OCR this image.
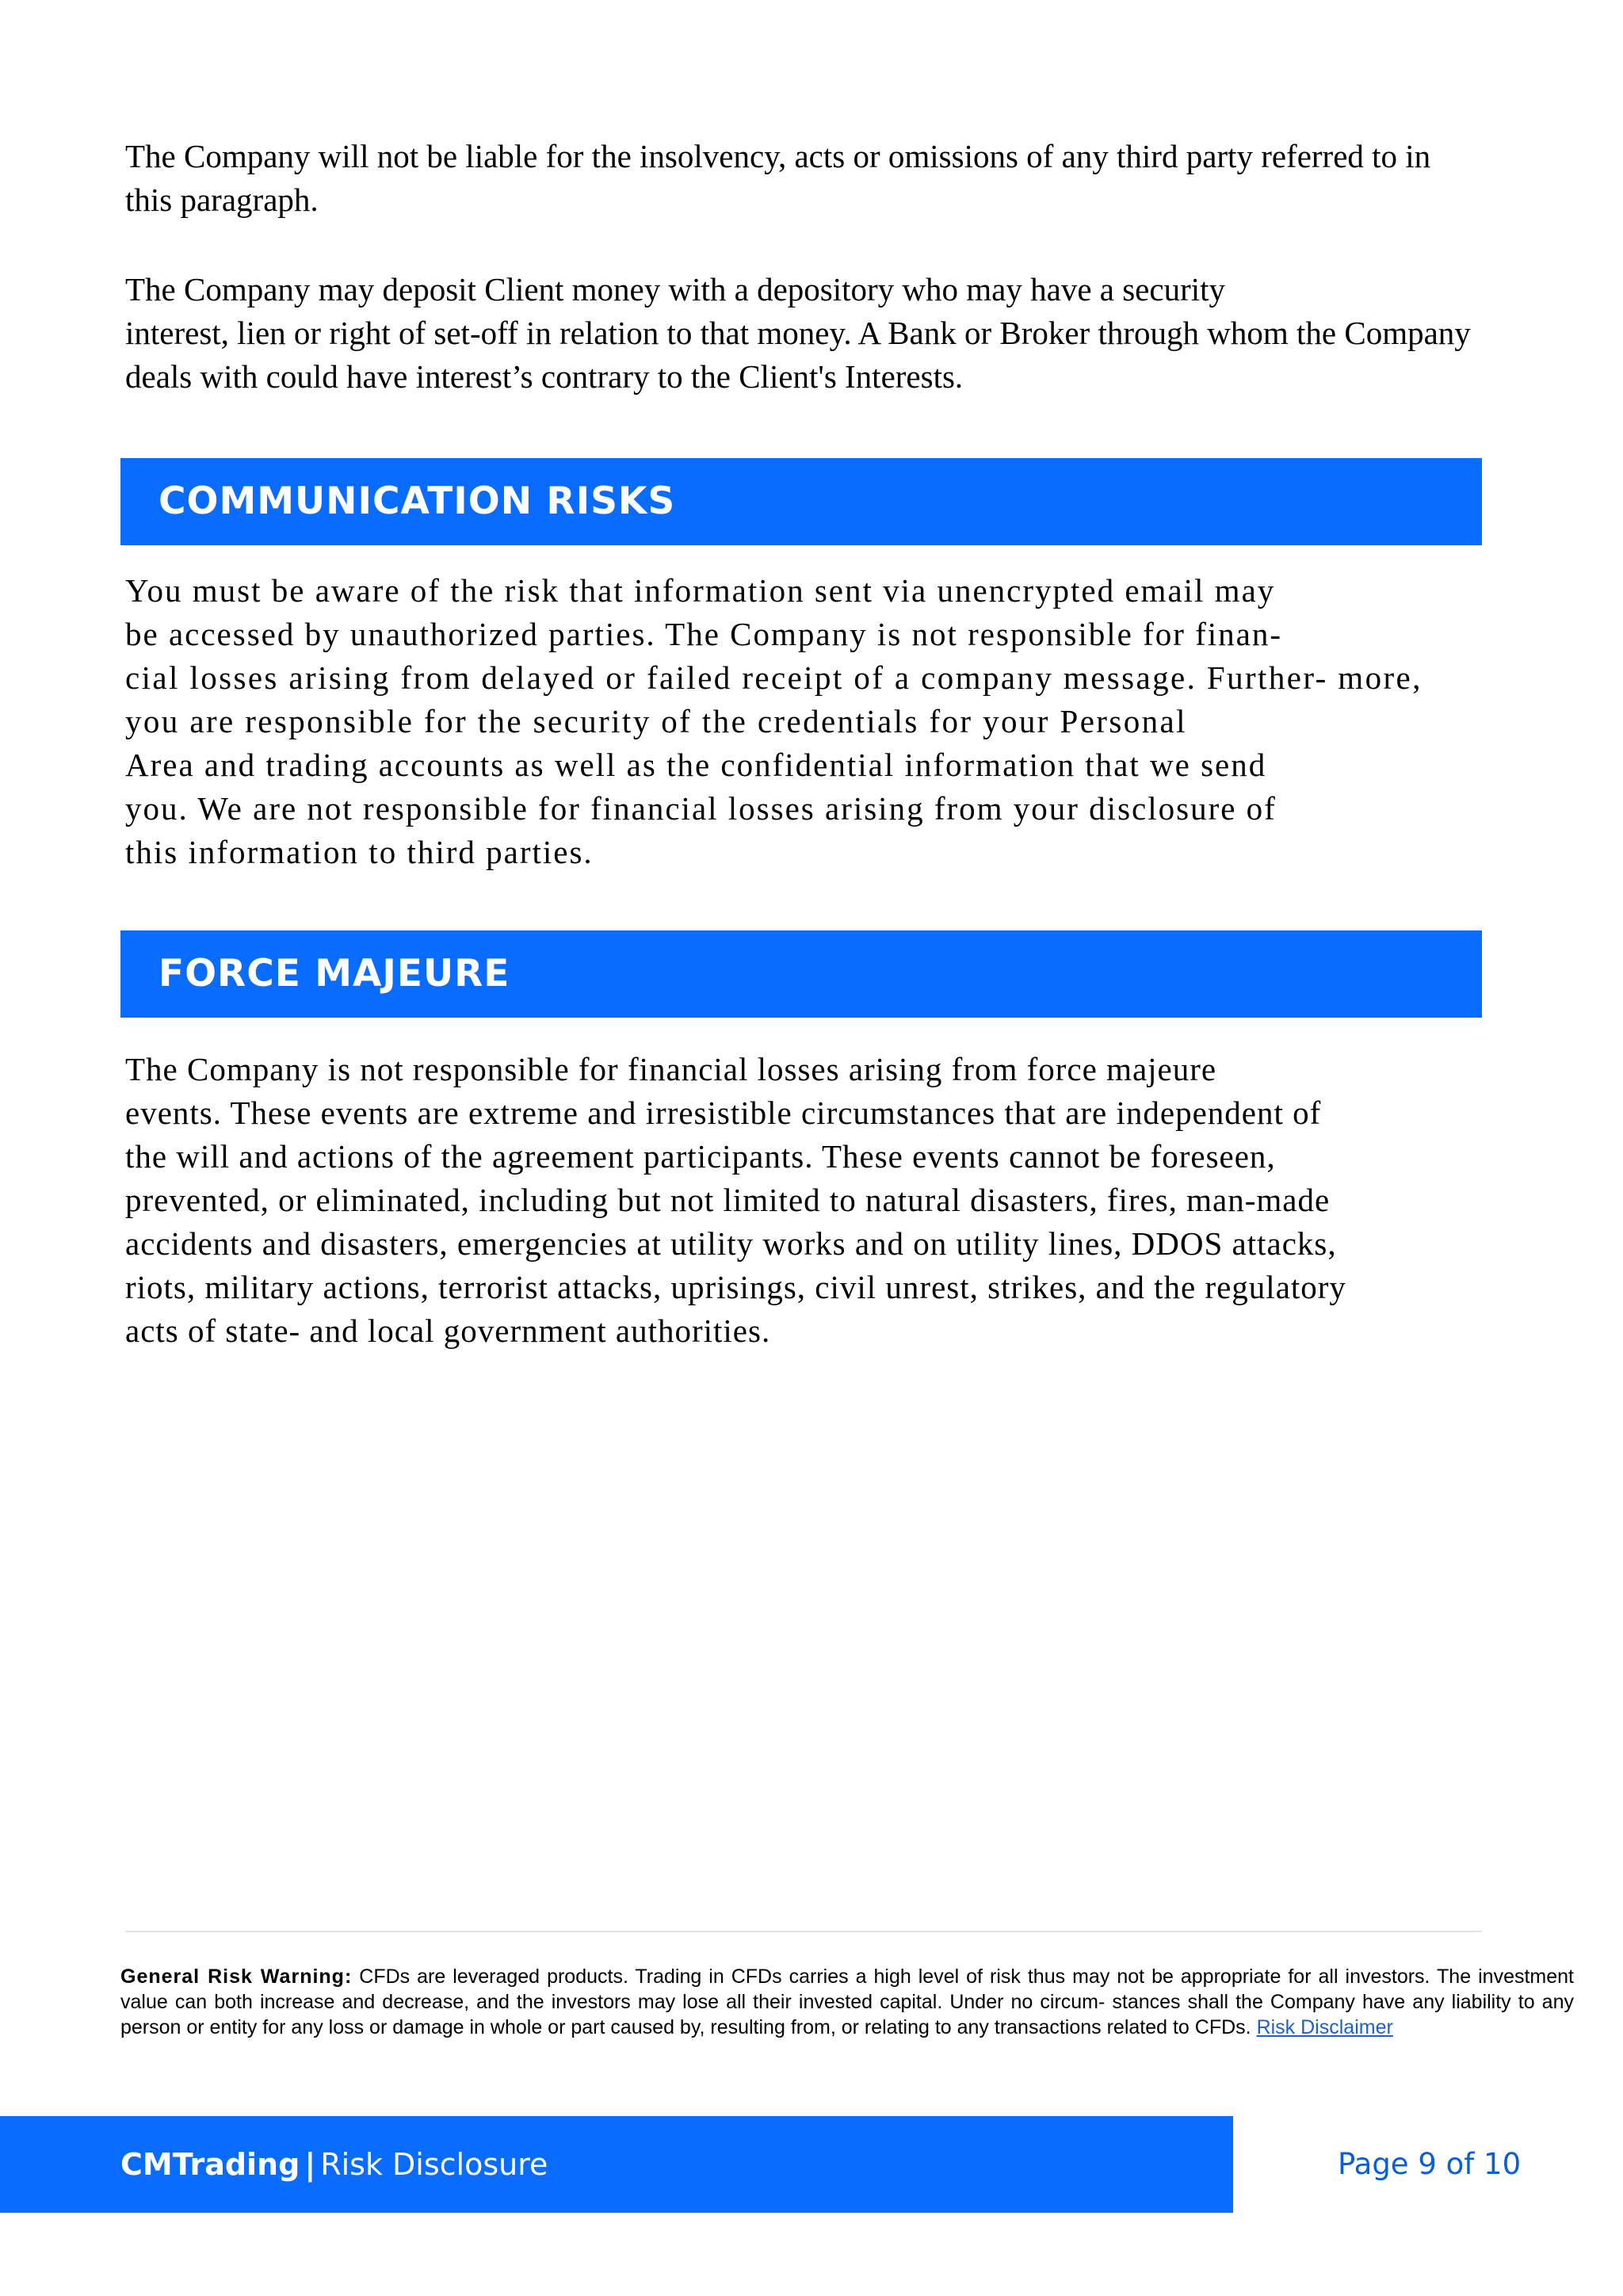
The Company will not be liable for the insolvency, acts or omissions of any third party referred to in
this paragraph.

The Company may deposit Client money with a depository who may have a security
interest, lien or right of set-off in relation to that money. A Bank or Broker through whom the Company
deals with could have interest’s contrary to the Client's Interests.

COMMUNICATION RISKS

You must be aware of the risk that information sent via unencrypted email may
be accessed by unauthorized parties. The Company is not responsible for finan-
cial losses arising from delayed or failed receipt of a company message. Further- more,
you are responsible for the security of the credentials for your Personal
Area and trading accounts as well as the confidential information that we send
you. We are not responsible for financial losses arising from your disclosure of
this information to third parties.

FORCE MAJEURE

The Company is not responsible for financial losses arising from force majeure
events. These events are extreme and irresistible circumstances that are independent of
the will and actions of the agreement participants. These events cannot be foreseen,
prevented, or eliminated, including but not limited to natural disasters, fires, man-made
accidents and disasters, emergencies at utility works and on utility lines, DDOS attacks,
riots, military actions, terrorist attacks, uprisings, civil unrest, strikes, and the regulatory
acts of state- and local government authorities.

General Risk Warning: CFDs are leveraged products. Trading in CFDs carries a high level of risk thus may not be appropriate for all investors. The investment value can both increase and decrease, and the investors may lose all their invested capital. Under no circum- stances shall the Company have any liability to any person or entity for any loss or damage in whole or part caused by, resulting from, or relating to any transactions related to CFDs. Risk Disclaimer

CMTrading | Risk Disclosure	Page 9 of 10
